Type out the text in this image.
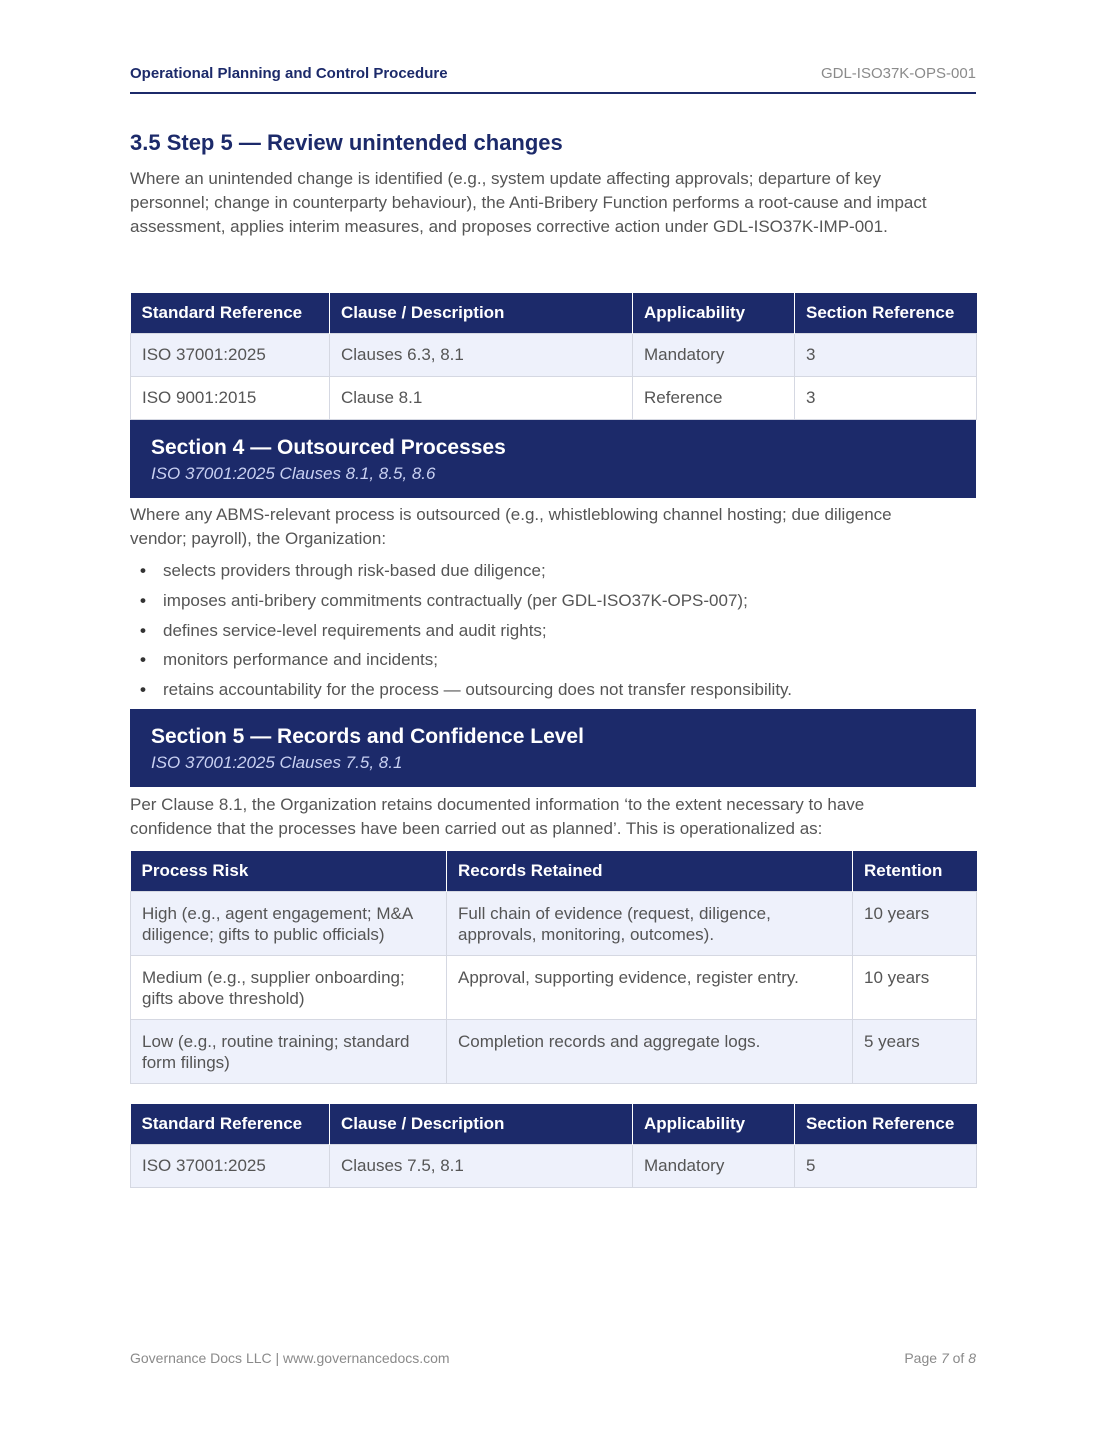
Operational Planning and Control Procedure	GDL-ISO37K-OPS-001
3.5 Step 5 — Review unintended changes

Where an unintended change is identified (e.g., system update affecting approvals; departure of key personnel; change in counterparty behaviour), the Anti-Bribery Function performs a root-cause and impact assessment, applies interim measures, and proposes corrective action under GDL-ISO37K-IMP-001.

Standard Reference	Clause / Description	Applicability	Section Reference
ISO 37001:2025	Clauses 6.3, 8.1	Mandatory	3
ISO 9001:2015	Clause 8.1	Reference	3
Section 4 — Outsourced Processes
ISO 37001:2025 Clauses 8.1, 8.5, 8.6

Where any ABMS-relevant process is outsourced (e.g., whistleblowing channel hosting; due diligence vendor; payroll), the Organization:

• selects providers through risk-based due diligence;
• imposes anti-bribery commitments contractually (per GDL-ISO37K-OPS-007);
• defines service-level requirements and audit rights;
• monitors performance and incidents;
• retains accountability for the process — outsourcing does not transfer responsibility.
Section 5 — Records and Confidence Level
ISO 37001:2025 Clauses 7.5, 8.1

Per Clause 8.1, the Organization retains documented information ‘to the extent necessary to have confidence that the processes have been carried out as planned’. This is operationalized as:

Process Risk	Records Retained	Retention
High (e.g., agent engagement; M&A diligence; gifts to public officials)	Full chain of evidence (request, diligence, approvals, monitoring, outcomes).	10 years
Medium (e.g., supplier onboarding; gifts above threshold)	Approval, supporting evidence, register entry.	10 years
Low (e.g., routine training; standard form filings)	Completion records and aggregate logs.	5 years
Standard Reference	Clause / Description	Applicability	Section Reference
ISO 37001:2025	Clauses 7.5, 8.1	Mandatory	5
Governance Docs LLC | www.governancedocs.com	Page 7 of 8
